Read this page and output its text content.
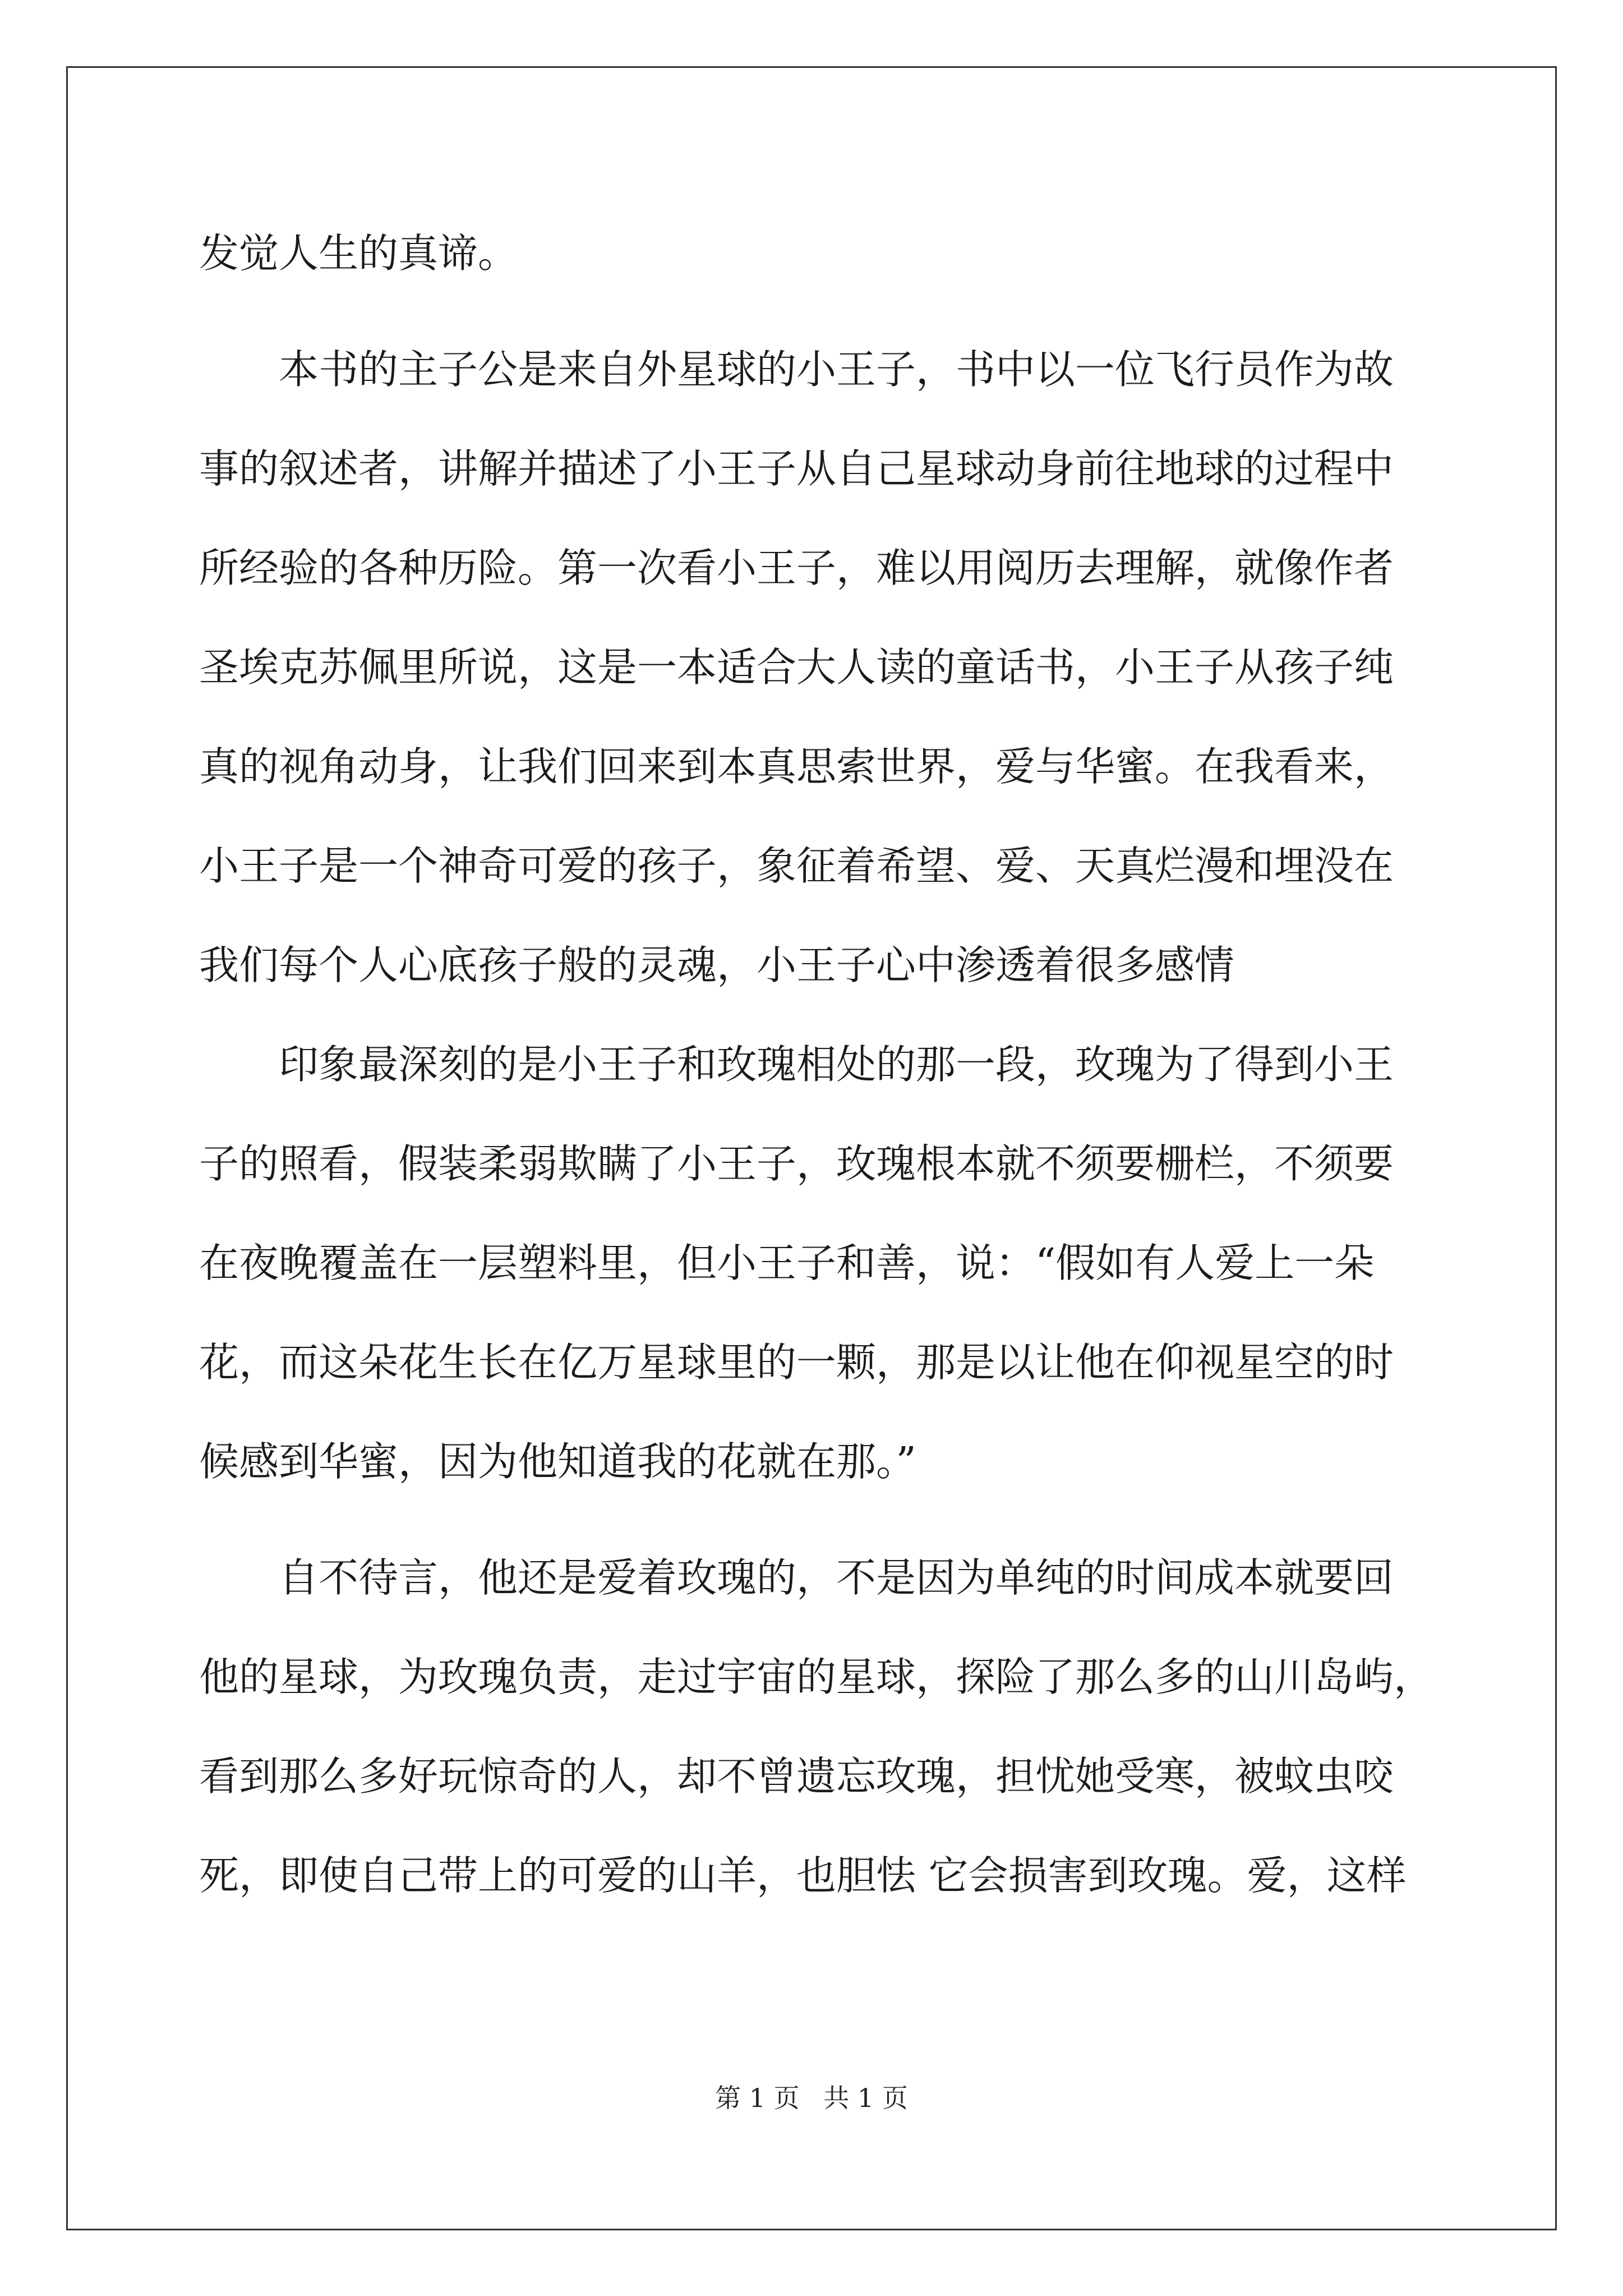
发觉人生的真谛。
　　本书的主子公是来自外星球的小王子，书中以一位飞行员作为故
事的叙述者，讲解并描述了小王子从自己星球动身前往地球的过程中
所经验的各种历险。第一次看小王子，难以用阅历去理解，就像作者
圣埃克苏佩里所说，这是一本适合大人读的童话书，小王子从孩子纯
真的视角动身，让我们回来到本真思索世界，爱与华蜜。在我看来，
小王子是一个神奇可爱的孩子，象征着希望、爱、天真烂漫和埋没在
我们每个人心底孩子般的灵魂，小王子心中渗透着很多感情
　　印象最深刻的是小王子和玫瑰相处的那一段，玫瑰为了得到小王
子的照看，假装柔弱欺瞒了小王子，玫瑰根本就不须要栅栏，不须要
在夜晚覆盖在一层塑料里，但小王子和善，说：“假如有人爱上一朵
花，而这朵花生长在亿万星球里的一颗，那是以让他在仰视星空的时
候感到华蜜，因为他知道我的花就在那。”
　　自不待言，他还是爱着玫瑰的，不是因为单纯的时间成本就要回
他的星球，为玫瑰负责，走过宇宙的星球，探险了那么多的山川岛屿，
看到那么多好玩惊奇的人，却不曾遗忘玫瑰，担忧她受寒，被蚊虫咬
死，即使自己带上的可爱的山羊，也胆怯 它会损害到玫瑰。爱，这样
第 1 页 共 1 页
